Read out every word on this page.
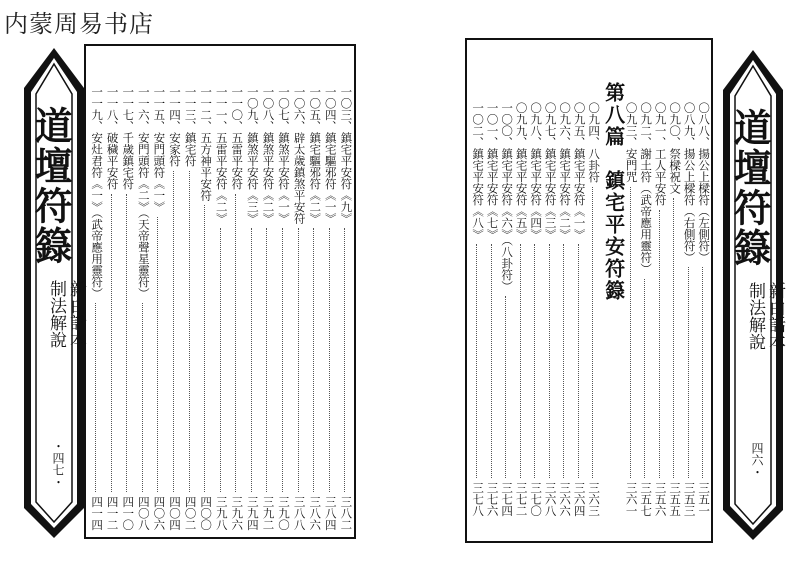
内蒙周易书店
道壇符籙
新白話本
制法解說
・四七・
一〇三、鎮宅平安符《九》
三八二
一〇四、鎮宅驅邪符《一》
三八四
一〇五、鎮宅驅邪符《二》
三八六
一〇六、辟太歲鎮煞平安符
三八八
一〇七、鎮煞平安符《一》
三九〇
一〇八、鎮煞平安符《二》
三九二
一〇九、鎮煞平安符《三》
三九四
一一〇、五雷平安符
三九六
一一一、五雷平安符《二》
三九八
一一二、五方神平安符
四〇〇
一一三、鎮宅符
四〇二
一一四、安家符
四〇四
一一五、安門頭符《一》
四〇六
一一六、安門頭符《二》（天帝聲星靈符）
四〇八
一一七、千歲鎮宅符
四一〇
一一八、破穢平安符
四一二
一一九、安灶君符《一》（武帝應用靈符）
四一四
〇八八、揚公上樑符（左側符）
三五一
〇八九、揚公上樑符（右側符）
三五三
〇九〇、祭樑祝文
三五五
〇九一、工人平安符
三五六
〇九二、謝土符（武帝應用靈符）
三五七
〇九三、安門咒
三六一
第八篇　鎮宅平安符籙
〇九四、八卦符
三六三
〇九五、鎮宅平安符《一》
三六四
〇九六、鎮宅平安符《二》
三六六
〇九七、鎮宅平安符《三》
三六八
〇九八、鎮宅平安符《四》
三七〇
〇九九、鎮宅平安符《五》
三七二
一〇〇、鎮宅平安符《六》（八卦符）
三七四
一〇一、鎮宅平安符《七》
三七六
一〇二、鎮宅平安符《八》
三七八
道壇符籙
新白話本
制法解說
四六・
